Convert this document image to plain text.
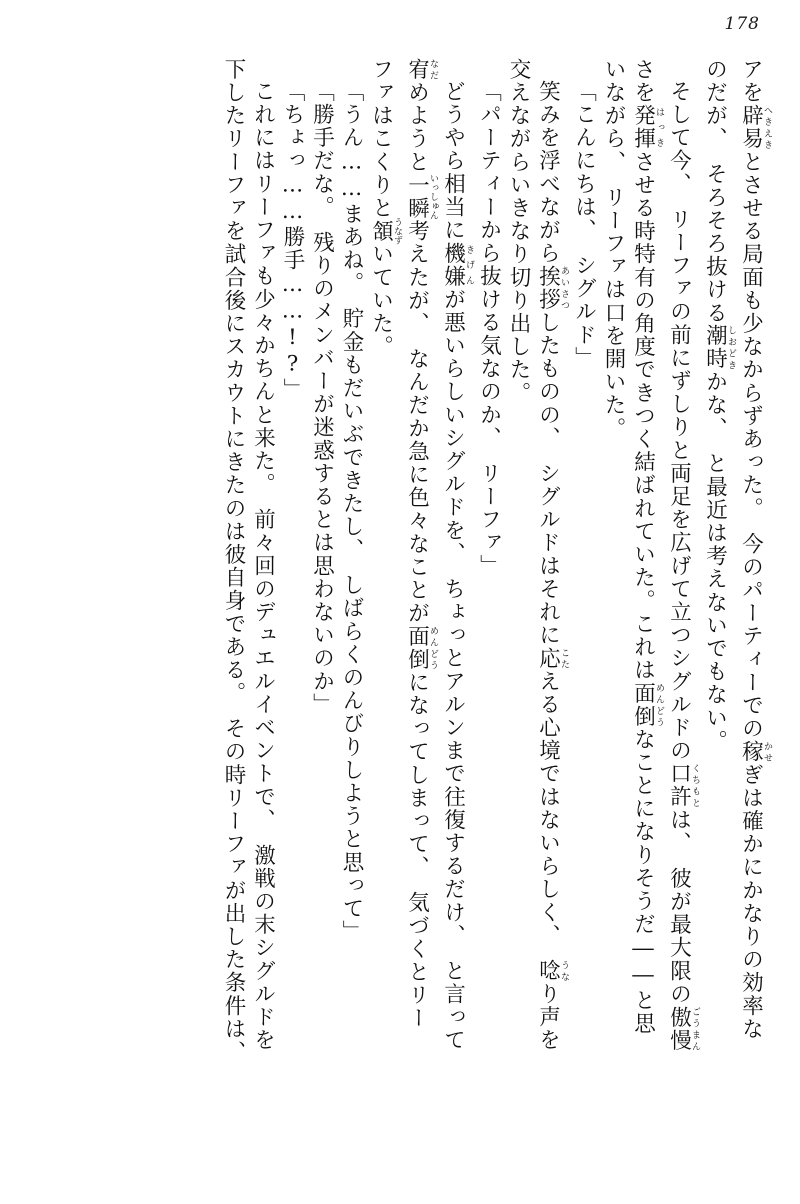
178
ア　を辟易へきえきとさせる局面も少なからずあった。　今のパーティーでの稼かせぎは確かにかなりの効率な
のだが、　そろそろ抜ける潮時しおどきかな、　と最近は考えないでもない。
そして今、　リーファの前にずしりと両足を広げて立つシグルドの口許くちもとは、　彼が最大限の傲慢ごうまん
さを発揮はっきさせる時特有の角度できつく結ばれていた。これは面倒めんどうなことになりそうだ――と思
いながら、　リーファは口を開いた。
「こんにちは、　シグルド」
笑みを浮べながら挨拶あいさつしたものの、　シグルドはそれに応こたえる心境ではないらしく、　唸うなり声を
交えながらいきなり切り出した。
「パーティーから抜ける気なのか、　リーファ」
どうやら相当に機嫌きげんが悪いらしいシグルドを、　ちょっとアルンまで往復するだけ、　と言って
宥なだめようと一瞬いっしゅん考えたが、　なんだか急に色々なことが面倒めんどうになってしまって、　気づくとリー
ファはこくりと頷うなずいていた。
「うん……まあね。　貯金もだいぶできたし、　しばらくのんびりしようと思って」
「勝手だな。　残りのメンバーが迷惑するとは思わないのか」
「ちょっ……勝手……!?」
これにはリーファも少々かちんと来た。　前々回のデュエルイベントで、　激戦の末シグルドを
下したリーファを試合後にスカウトにきたのは彼自身である。　その時リーファが出した条件は、
